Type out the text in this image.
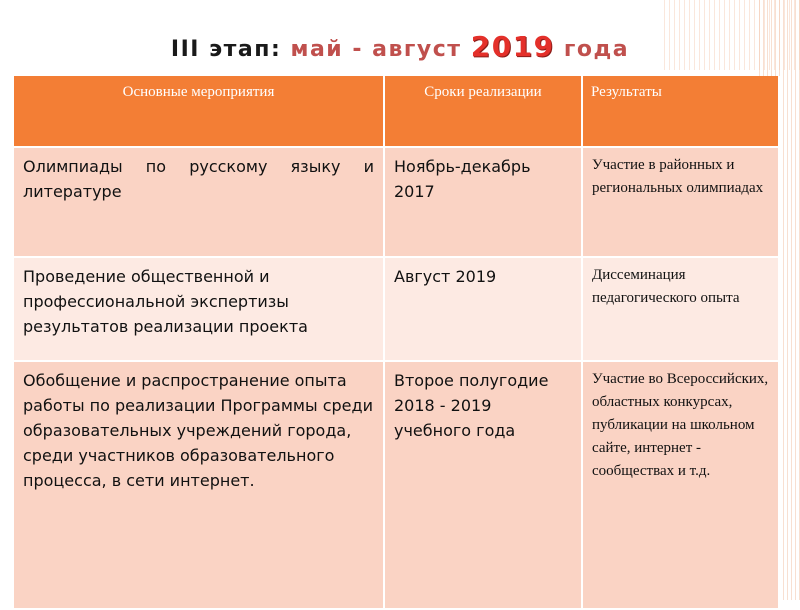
III этап: май - август 2019 года
Основные мероприятия	Сроки реализации	Результаты
Олимпиады по русскому языку и литературе	Ноябрь-декабрь 2017	Участие в районных и региональных олимпиадах
Проведение общественной и профессиональной экспертизы результатов реализации проекта	Август 2019	Диссеминация педагогического опыта
Обобщение и распространение опыта работы по реализации Программы среди образовательных учреждений города, среди участников образовательного процесса, в сети интернет.	Второе полугодие 2018 - 2019 учебного года	Участие во Всероссийских, областных конкурсах, публикации на школьном сайте, интернет - сообществах и т.д.
